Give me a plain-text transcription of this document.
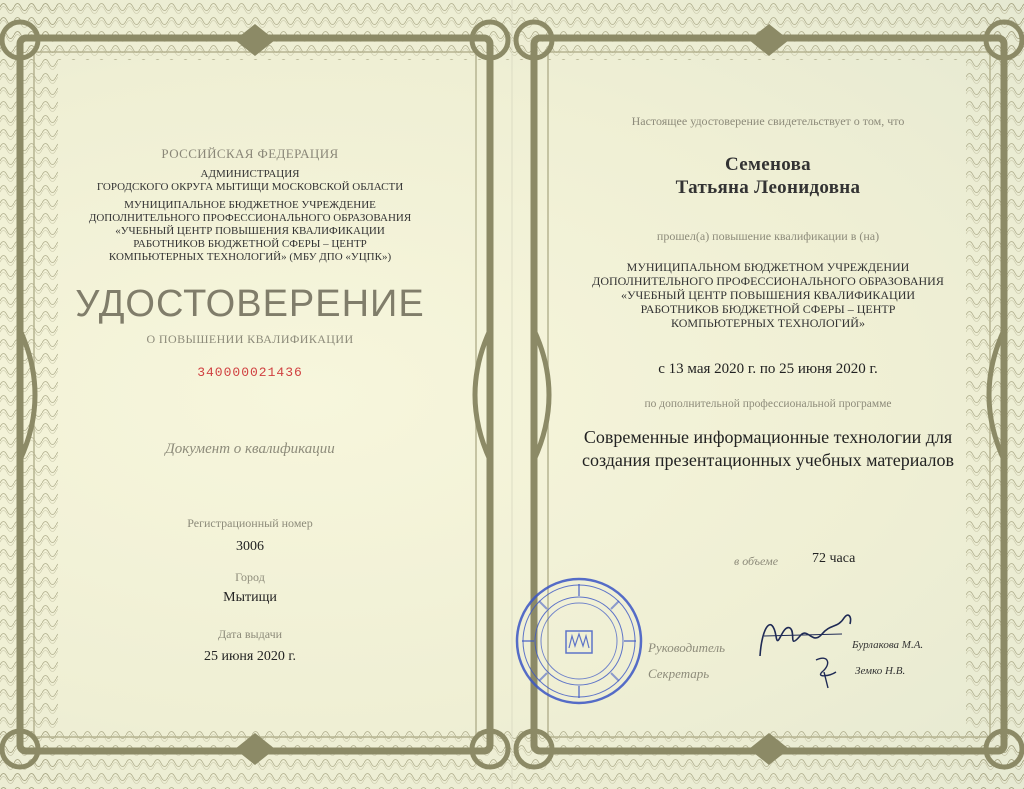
РОССИЙСКАЯ ФЕДЕРАЦИЯ
АДМИНИСТРАЦИЯ
ГОРОДСКОГО ОКРУГА МЫТИЩИ МОСКОВСКОЙ ОБЛАСТИ
МУНИЦИПАЛЬНОЕ БЮДЖЕТНОЕ УЧРЕЖДЕНИЕ
ДОПОЛНИТЕЛЬНОГО ПРОФЕССИОНАЛЬНОГО ОБРАЗОВАНИЯ
«УЧЕБНЫЙ ЦЕНТР ПОВЫШЕНИЯ КВАЛИФИКАЦИИ
РАБОТНИКОВ БЮДЖЕТНОЙ СФЕРЫ – ЦЕНТР
КОМПЬЮТЕРНЫХ ТЕХНОЛОГИЙ» (МБУ ДПО «УЦПК»)
УДОСТОВЕРЕНИЕ
О ПОВЫШЕНИИ КВАЛИФИКАЦИИ
340000021436
Документ о квалификации
Регистрационный номер
3006
Город
Мытищи
Дата выдачи
25 июня 2020 г.
Настоящее удостоверение свидетельствует о том, что
Семенова
Татьяна Леонидовна
прошел(а) повышение квалификации в (на)
МУНИЦИПАЛЬНОМ БЮДЖЕТНОМ УЧРЕЖДЕНИИ
ДОПОЛНИТЕЛЬНОГО ПРОФЕССИОНАЛЬНОГО ОБРАЗОВАНИЯ
«УЧЕБНЫЙ ЦЕНТР ПОВЫШЕНИЯ КВАЛИФИКАЦИИ
РАБОТНИКОВ БЮДЖЕТНОЙ СФЕРЫ – ЦЕНТР
КОМПЬЮТЕРНЫХ ТЕХНОЛОГИЙ»
с 13 мая 2020 г. по 25 июня 2020 г.
по дополнительной профессиональной программе
Современные информационные технологии для
создания презентационных учебных материалов
в объеме 72 часа
Руководитель
Секретарь
Бурлакова М.А.
Земко Н.В.
